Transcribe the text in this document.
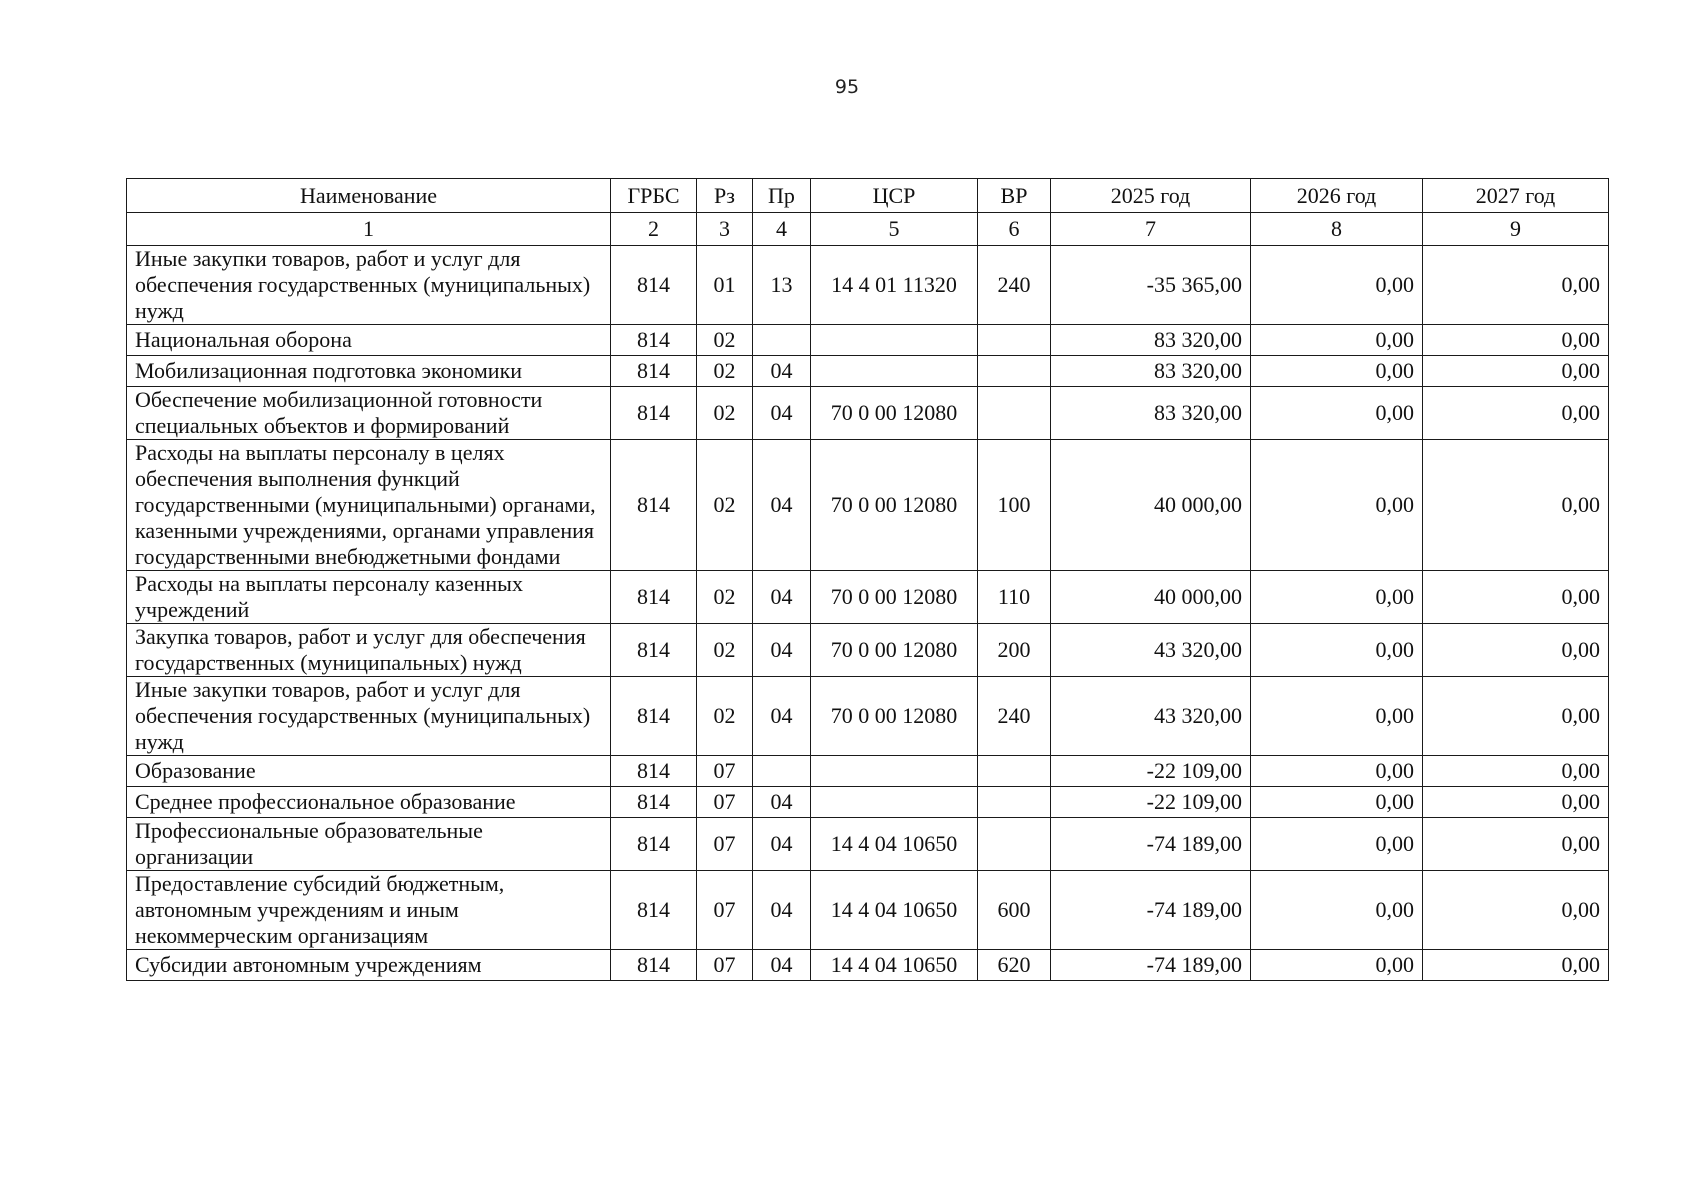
95
Наименование	ГРБС	Рз	Пр	ЦСР	ВР	2025 год	2026 год	2027 год
1	2	3	4	5	6	7	8	9
Иные закупки товаров, работ и услуг для обеспечения государственных (муниципальных) нужд	814	01	13	14 4 01 11320	240	-35 365,00	0,00	0,00
Национальная оборона	814	02				83 320,00	0,00	0,00
Мобилизационная подготовка экономики	814	02	04			83 320,00	0,00	0,00
Обеспечение мобилизационной готовности специальных объектов и формирований	814	02	04	70 0 00 12080		83 320,00	0,00	0,00
Расходы на выплаты персоналу в целях обеспечения выполнения функций государственными (муниципальными) органами, казенными учреждениями, органами управления государственными внебюджетными фондами	814	02	04	70 0 00 12080	100	40 000,00	0,00	0,00
Расходы на выплаты персоналу казенных учреждений	814	02	04	70 0 00 12080	110	40 000,00	0,00	0,00
Закупка товаров, работ и услуг для обеспечения государственных (муниципальных) нужд	814	02	04	70 0 00 12080	200	43 320,00	0,00	0,00
Иные закупки товаров, работ и услуг для обеспечения государственных (муниципальных) нужд	814	02	04	70 0 00 12080	240	43 320,00	0,00	0,00
Образование	814	07				-22 109,00	0,00	0,00
Среднее профессиональное образование	814	07	04			-22 109,00	0,00	0,00
Профессиональные образовательные организации	814	07	04	14 4 04 10650		-74 189,00	0,00	0,00
Предоставление субсидий бюджетным, автономным учреждениям и иным некоммерческим организациям	814	07	04	14 4 04 10650	600	-74 189,00	0,00	0,00
Субсидии автономным учреждениям	814	07	04	14 4 04 10650	620	-74 189,00	0,00	0,00
